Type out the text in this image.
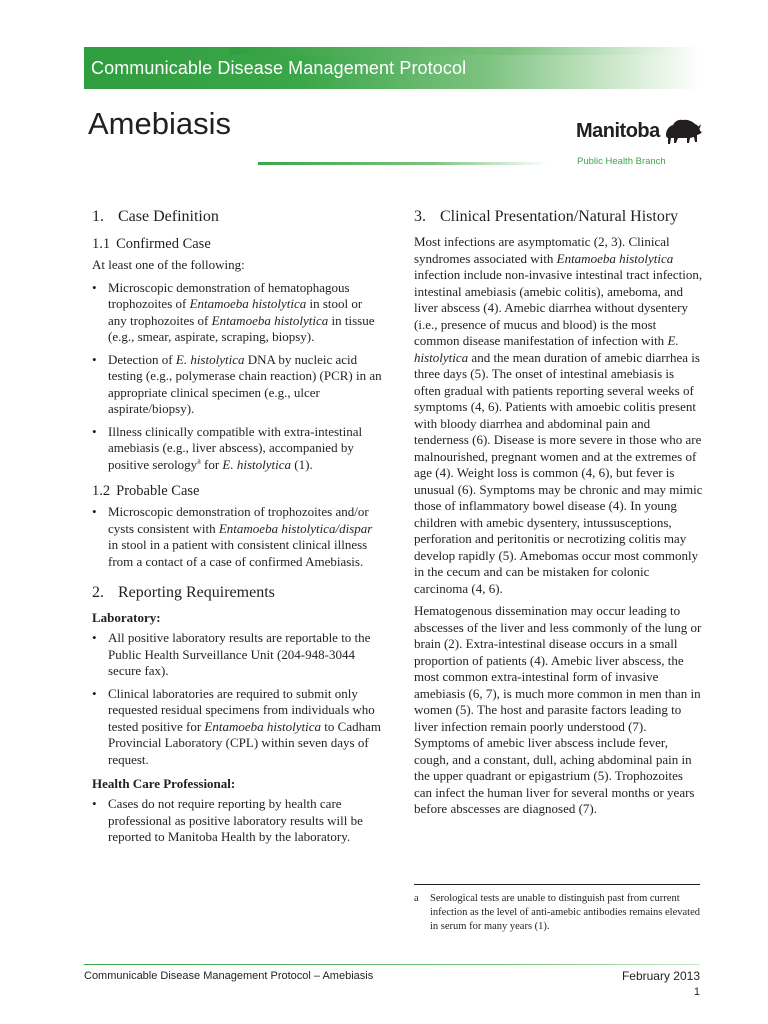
Communicable Disease Management Protocol
Amebiasis	Manitoba
Public Health Branch
1. Case Definition
1.1 Confirmed Case

At least one of the following:

• Microscopic demonstration of hematophagous trophozoites of Entamoeba histolytica in stool or any trophozoites of Entamoeba histolytica in tissue (e.g., smear, aspirate, scraping, biopsy).
• Detection of E. histolytica DNA by nucleic acid testing (e.g., polymerase chain reaction) (PCR) in an appropriate clinical specimen (e.g., ulcer aspirate/biopsy).
• Illness clinically compatible with extra-intestinal amebiasis (e.g., liver abscess), accompanied by positive serology$^a$ for E. histolytica (1).
1.2 Probable Case
• Microscopic demonstration of trophozoites and/or cysts consistent with Entamoeba histolytica/dispar in stool in a patient with consistent clinical illness from a contact of a case of confirmed Amebiasis.
2. Reporting Requirements
Laboratory:
• All positive laboratory results are reportable to the Public Health Surveillance Unit (204-948-3044 secure fax).
• Clinical laboratories are required to submit only requested residual specimens from individuals who tested positive for Entamoeba histolytica to Cadham Provincial Laboratory (CPL) within seven days of request.
Health Care Professional:
• Cases do not require reporting by health care professional as positive laboratory results will be reported to Manitoba Health by the laboratory.
3. Clinical Presentation/Natural History

Most infections are asymptomatic (2, 3). Clinical syndromes associated with Entamoeba histolytica infection include non-invasive intestinal tract infection, intestinal amebiasis (amebic colitis), ameboma, and liver abscess (4). Amebic diarrhea without dysentery (i.e., presence of mucus and blood) is the most common disease manifestation of infection with E. histolytica and the mean duration of amebic diarrhea is three days (5). The onset of intestinal amebiasis is often gradual with patients reporting several weeks of symptoms (4, 6). Patients with amoebic colitis present with bloody diarrhea and abdominal pain and tenderness (6). Disease is more severe in those who are malnourished, pregnant women and at the extremes of age (4). Weight loss is common (4, 6), but fever is unusual (6). Symptoms may be chronic and may mimic those of inflammatory bowel disease (4). In young children with amebic dysentery, intussusceptions, perforation and peritonitis or necrotizing colitis may develop rapidly (5). Amebomas occur most commonly in the cecum and can be mistaken for colonic carcinoma (4, 6).

Hematogenous dissemination may occur leading to abscesses of the liver and less commonly of the lung or brain (2). Extra-intestinal disease occurs in a small proportion of patients (4). Amebic liver abscess, the most common extra-intestinal form of invasive amebiasis (6, 7), is much more common in men than in women (5). The host and parasite factors leading to liver infection remain poorly understood (7). Symptoms of amebic liver abscess include fever, cough, and a constant, dull, aching abdominal pain in the upper quadrant or epigastrium (5). Trophozoites can infect the human liver for several months or years before abscesses are diagnosed (7).

a	Serological tests are unable to distinguish past from current infection as the level of anti-amebic antibodies remains elevated in serum for many years (1).
Communicable Disease Management Protocol – Amebiasis	February 2013
1
